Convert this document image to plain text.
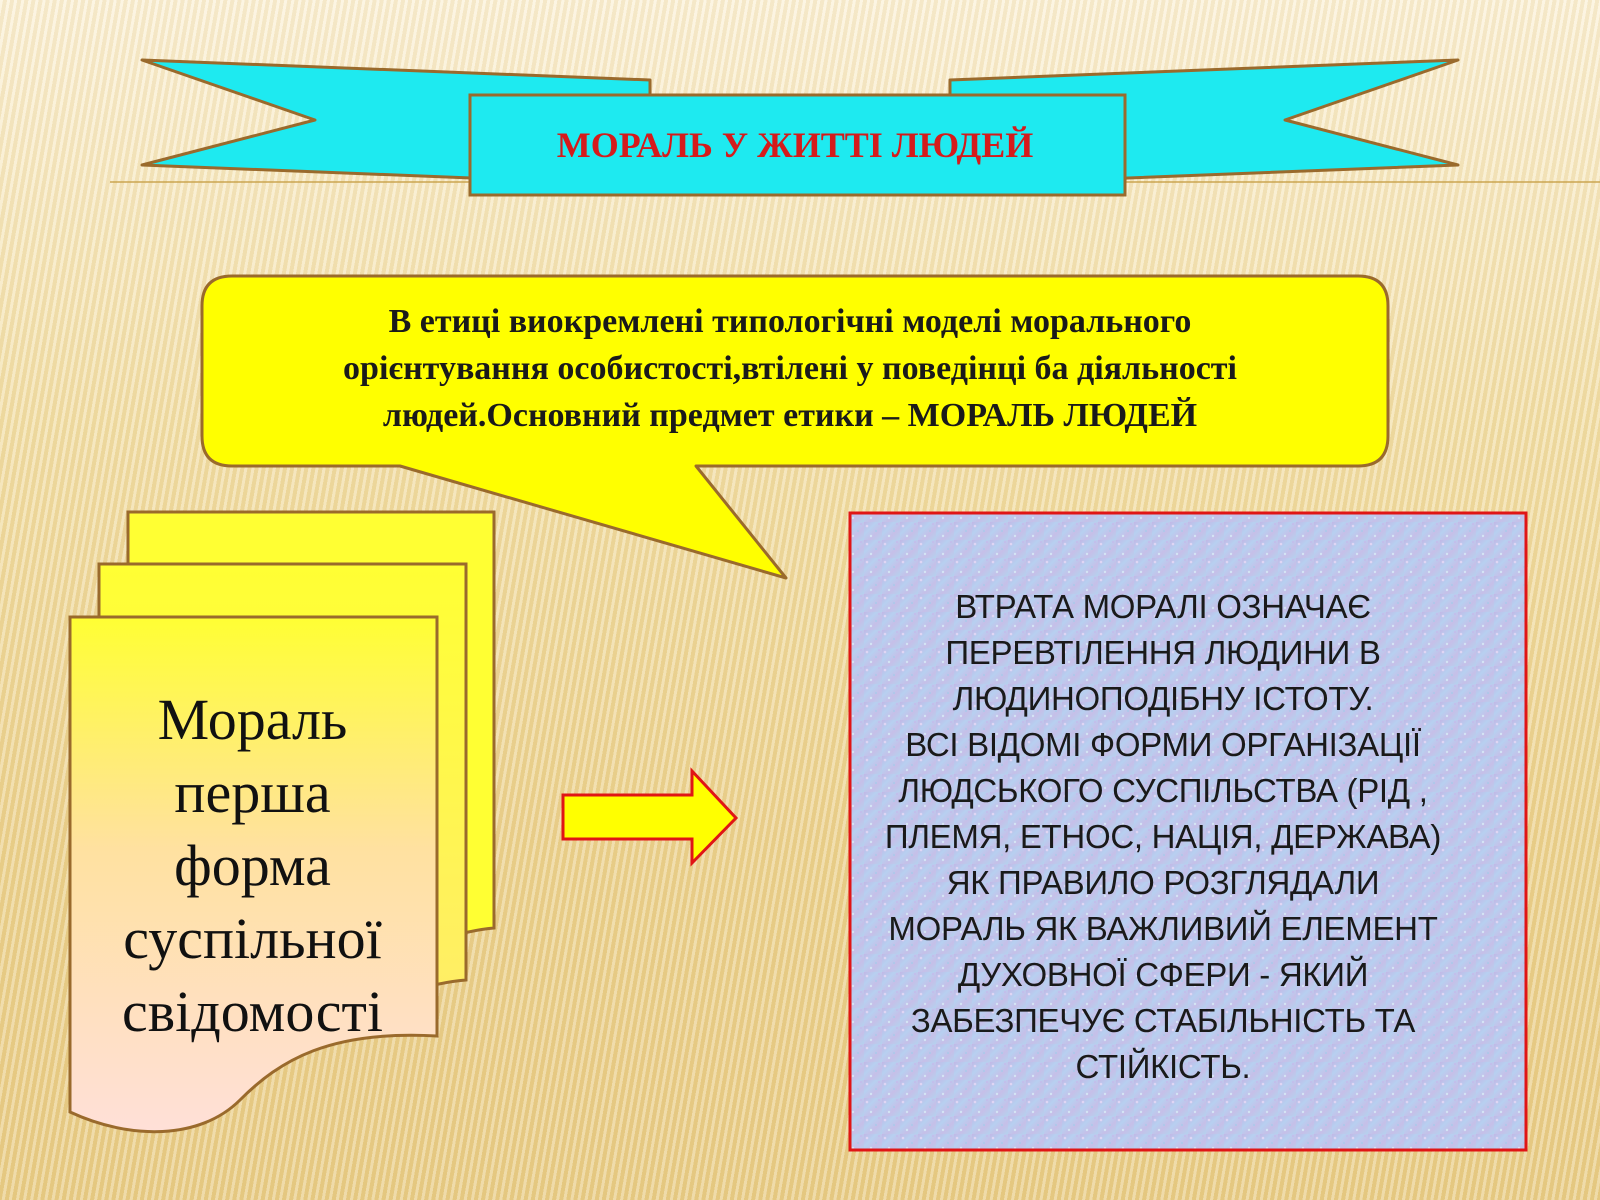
МОРАЛЬ У ЖИТТІ ЛЮДЕЙ
В етиці виокремлені типологічні моделі морального
орієнтування особистості,втілені у поведінці ба діяльності
людей.Основний предмет етики – МОРАЛЬ ЛЮДЕЙ
Мораль
перша
форма
суспільної
свідомості
ВТРАТА МОРАЛІ ОЗНАЧАЄ
ПЕРЕВТІЛЕННЯ ЛЮДИНИ В
ЛЮДИНОПОДІБНУ ІСТОТУ.
ВСІ ВІДОМІ ФОРМИ ОРГАНІЗАЦІЇ
ЛЮДСЬКОГО СУСПІЛЬСТВА (РІД ,
ПЛЕМЯ, ЕТНОС, НАЦІЯ, ДЕРЖАВА)
ЯК ПРАВИЛО РОЗГЛЯДАЛИ
МОРАЛЬ ЯК ВАЖЛИВИЙ ЕЛЕМЕНТ
ДУХОВНОЇ СФЕРИ - ЯКИЙ
ЗАБЕЗПЕЧУЄ СТАБІЛЬНІСТЬ ТА
СТІЙКІСТЬ.
